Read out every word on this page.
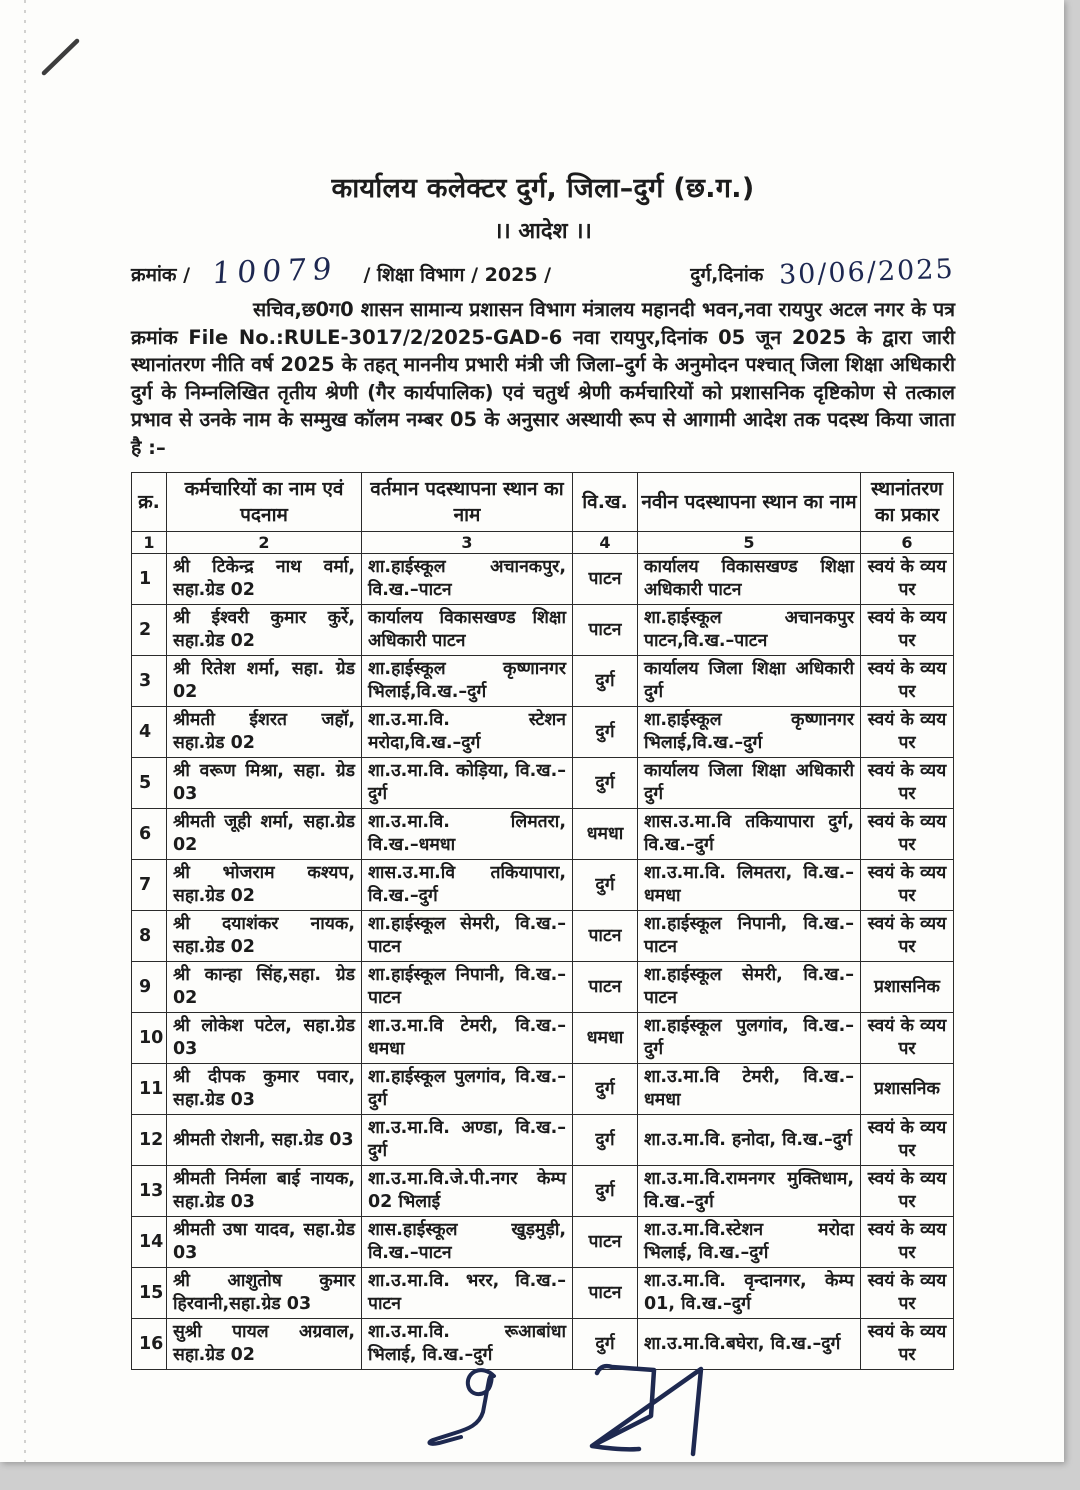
कार्यालय कलेक्टर दुर्ग, जिला–दुर्ग (छ.ग.)
।। आदेश ।।
क्रमांक / 10079	/ शिक्षा विभाग / 2025 /	दुर्ग,दिनांक 30/06/2025

सचिव,छ0ग0 शासन सामान्य प्रशासन विभाग मंत्रालय महानदी भवन,नवा रायपुर अटल नगर के पत्र क्रमांक File No.:RULE-3017/2/2025-GAD-6 नवा रायपुर,दिनांक 05 जून 2025 के द्वारा जारी स्थानांतरण नीति वर्ष 2025 के तहत् माननीय प्रभारी मंत्री जी जिला–दुर्ग के अनुमोदन पश्चात् जिला शिक्षा अधिकारी दुर्ग के निम्नलिखित तृतीय श्रेणी (गैर कार्यपालिक) एवं चतुर्थ श्रेणी कर्मचारियों को प्रशासनिक दृष्टिकोण से तत्काल प्रभाव से उनके नाम के सम्मुख कॉलम नम्बर 05 के अनुसार अस्थायी रूप से आगामी आदेश तक पदस्थ किया जाता है :–

क्र.	कर्मचारियों का नाम एवं पदनाम	वर्तमान पदस्थापना स्थान का नाम	वि.ख.	नवीन पदस्थापना स्थान का नाम	स्थानांतरण का प्रकार
1	2	3	4	5	6
1	श्री टिकेन्द्र नाथ वर्मा, सहा.ग्रेड 02	शा.हाईस्कूल अचानकपुर, वि.ख.–पाटन	पाटन	कार्यालय विकासखण्ड शिक्षा अधिकारी पाटन	स्वयं के व्यय पर
2	श्री ईश्वरी कुमार कुर्रे, सहा.ग्रेड 02	कार्यालय विकासखण्ड शिक्षा अधिकारी पाटन	पाटन	शा.हाईस्कूल अचानकपुर पाटन,वि.ख.–पाटन	स्वयं के व्यय पर
3	श्री रितेश शर्मा, सहा. ग्रेड 02	शा.हाईस्कूल कृष्णानगर भिलाई,वि.ख.–दुर्ग	दुर्ग	कार्यालय जिला शिक्षा अधिकारी दुर्ग	स्वयं के व्यय पर
4	श्रीमती ईशरत जहॉ, सहा.ग्रेड 02	शा.उ.मा.वि. स्टेशन मरोदा,वि.ख.–दुर्ग	दुर्ग	शा.हाईस्कूल कृष्णानगर भिलाई,वि.ख.–दुर्ग	स्वयं के व्यय पर
5	श्री वरूण मिश्रा, सहा. ग्रेड 03	शा.उ.मा.वि. कोड़िया, वि.ख.–दुर्ग	दुर्ग	कार्यालय जिला शिक्षा अधिकारी दुर्ग	स्वयं के व्यय पर
6	श्रीमती जूही शर्मा, सहा.ग्रेड 02	शा.उ.मा.वि. लिमतरा, वि.ख.–धमधा	धमधा	शास.उ.मा.वि तकियापारा दुर्ग, वि.ख.–दुर्ग	स्वयं के व्यय पर
7	श्री भोजराम कश्यप, सहा.ग्रेड 02	शास.उ.मा.वि तकियापारा, वि.ख.–दुर्ग	दुर्ग	शा.उ.मा.वि. लिमतरा, वि.ख.–धमधा	स्वयं के व्यय पर
8	श्री दयाशंकर नायक, सहा.ग्रेड 02	शा.हाईस्कूल सेमरी, वि.ख.–पाटन	पाटन	शा.हाईस्कूल निपानी, वि.ख.– पाटन	स्वयं के व्यय पर
9	श्री कान्हा सिंह,सहा. ग्रेड 02	शा.हाईस्कूल निपानी, वि.ख.– पाटन	पाटन	शा.हाईस्कूल सेमरी, वि.ख.– पाटन	प्रशासनिक
10	श्री लोकेश पटेल, सहा.ग्रेड 03	शा.उ.मा.वि टेमरी, वि.ख.–धमधा	धमधा	शा.हाईस्कूल पुलगांव, वि.ख.–दुर्ग	स्वयं के व्यय पर
11	श्री दीपक कुमार पवार, सहा.ग्रेड 03	शा.हाईस्कूल पुलगांव, वि.ख.–दुर्ग	दुर्ग	शा.उ.मा.वि टेमरी, वि.ख.–धमधा	प्रशासनिक
12	श्रीमती रोशनी, सहा.ग्रेड 03	शा.उ.मा.वि. अण्डा, वि.ख.–दुर्ग	दुर्ग	शा.उ.मा.वि. हनोदा, वि.ख.–दुर्ग	स्वयं के व्यय पर
13	श्रीमती निर्मला बाई नायक, सहा.ग्रेड 03	शा.उ.मा.वि.जे.पी.नगर केम्प 02 भिलाई	दुर्ग	शा.उ.मा.वि.रामनगर मुक्तिधाम, वि.ख.–दुर्ग	स्वयं के व्यय पर
14	श्रीमती उषा यादव, सहा.ग्रेड 03	शास.हाईस्कूल खुड़मुड़ी, वि.ख.–पाटन	पाटन	शा.उ.मा.वि.स्टेशन मरोदा भिलाई, वि.ख.–दुर्ग	स्वयं के व्यय पर
15	श्री आशुतोष कुमार हिरवानी,सहा.ग्रेड 03	शा.उ.मा.वि. भरर, वि.ख.–पाटन	पाटन	शा.उ.मा.वि. वृन्दानगर, केम्प 01, वि.ख.–दुर्ग	स्वयं के व्यय पर
16	सुश्री पायल अग्रवाल, सहा.ग्रेड 02	शा.उ.मा.वि. रूआबांधा भिलाई, वि.ख.–दुर्ग	दुर्ग	शा.उ.मा.वि.बघेरा, वि.ख.–दुर्ग	स्वयं के व्यय पर
